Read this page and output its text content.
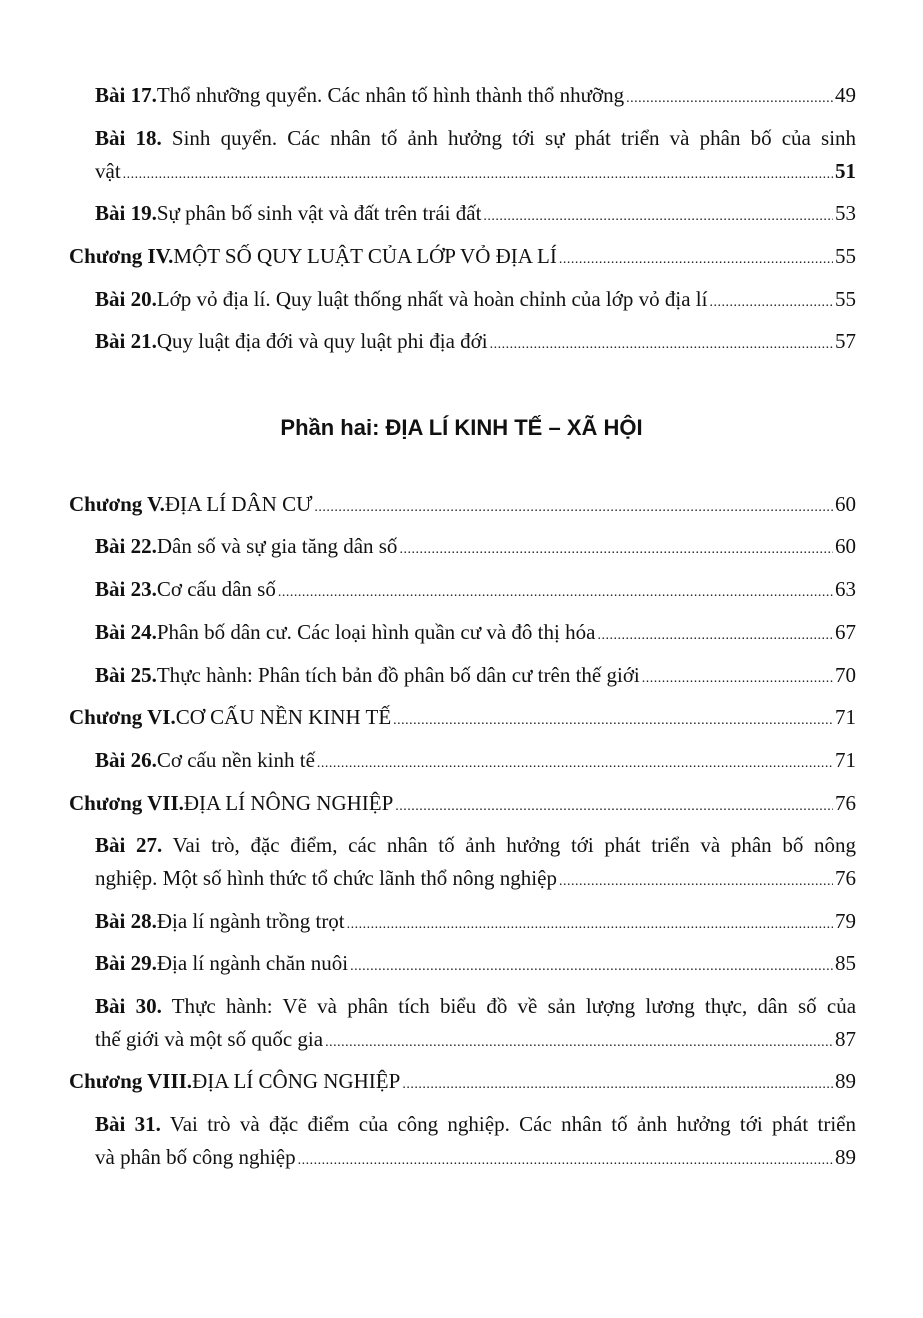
Phần hai: ĐỊA LÍ KINH TẾ – XÃ HỘI
Bài 17. Thổ nhưỡng quyển. Các nhân tố hình thành thổ nhưỡng .....	49
Bài 18. Sinh quyển. Các nhân tố ảnh hưởng tới sự phát triển và phân bố của sinh
vật .....	51
Bài 19. Sự phân bố sinh vật và đất trên trái đất .....	53
Chương IV. MỘT SỐ QUY LUẬT CỦA LỚP VỎ ĐỊA LÍ .....	55
Bài 20. Lớp vỏ địa lí. Quy luật thống nhất và hoàn chỉnh của lớp vỏ địa lí .....	55
Bài 21. Quy luật địa đới và quy luật phi địa đới .....	57
Chương V. ĐỊA LÍ DÂN CƯ .....	60
Bài 22. Dân số và sự gia tăng dân số .....	60
Bài 23. Cơ cấu dân số .....	63
Bài 24. Phân bố dân cư. Các loại hình quần cư và đô thị hóa .....	67
Bài 25. Thực hành: Phân tích bản đồ phân bố dân cư trên thế giới .....	70
Chương VI. CƠ CẤU NỀN KINH TẾ .....	71
Bài 26. Cơ cấu nền kinh tế .....	71
Chương VII. ĐỊA LÍ NÔNG NGHIỆP .....	76
Bài 27. Vai trò, đặc điểm, các nhân tố ảnh hưởng tới phát triển và phân bố nông
nghiệp. Một số hình thức tổ chức lãnh thổ nông nghiệp .....	76
Bài 28. Địa lí ngành trồng trọt .....	79
Bài 29. Địa lí ngành chăn nuôi .....	85
Bài 30. Thực hành: Vẽ và phân tích biểu đồ về sản lượng lương thực, dân số của
thế giới và một số quốc gia .....	87
Chương VIII. ĐỊA LÍ CÔNG NGHIỆP .....	89
Bài 31. Vai trò và đặc điểm của công nghiệp. Các nhân tố ảnh hưởng tới phát triển
và phân bố công nghiệp .....	89
